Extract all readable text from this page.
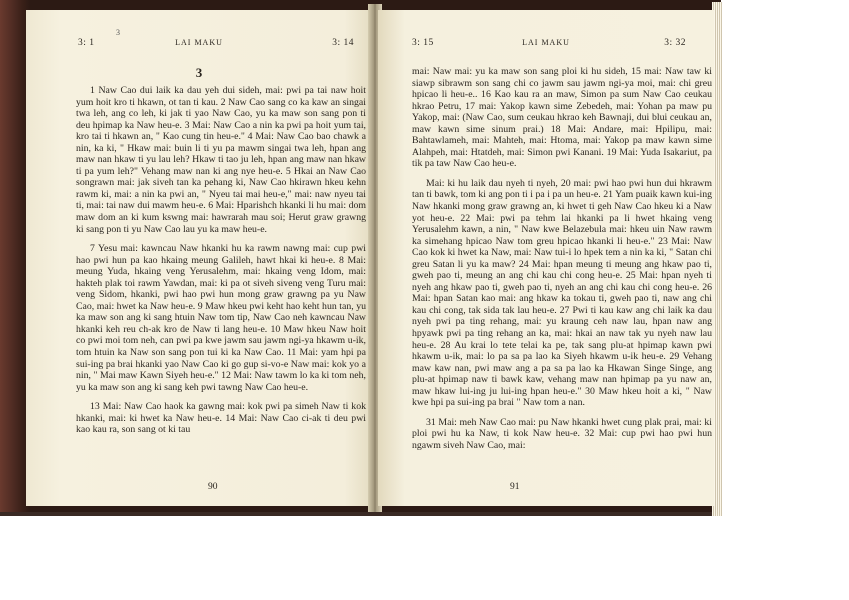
3
3: 1	LAI MAKU	3: 14
3

1 Naw Cao dui laik ka dau yeh dui sideh, mai: pwi pa tai naw hoit yum hoit kro ti hkawn, ot tan ti kau. 2 Naw Cao sang co ka kaw an singai twa leh, ang co leh, ki jak ti yao Naw Cao, yu ka maw son sang pon ti deu hpimap ka Naw heu-e. 3 Mai: Naw Cao a nin ka pwi pa hoit yum tai, kro tai ti hkawn an, " Kao cung tin heu-e." 4 Mai: Naw Cao bao chawk a nin, ka ki, " Hkaw mai: buin li ti yu pa mawm singai twa leh, hpan ang maw nan hkaw ti yu lau leh? Hkaw ti tao ju leh, hpan ang maw nan hkaw ti pa yum leh?" Vehang maw nan ki ang nye heu-e. 5 Hkai an Naw Cao songrawn mai: jak siveh tan ka pehang ki, Naw Cao hkirawn hkeu kehn rawm ki, mai: a nin ka pwi an, " Nyeu tai mai heu-e," mai: naw nyeu tai ti, mai: tai naw dui mawm heu-e. 6 Mai: Hparishch hkanki li hu mai: dom maw dom an ki kum kswng mai: hawrarah mau soi; Herut graw grawng ki sang pon ti yu Naw Cao lau yu ka maw heu-e.

7 Yesu mai: kawncau Naw hkanki hu ka rawm nawng mai: cup pwi hao pwi hun pa kao hkaing meung Galileh, hawt hkai ki heu-e. 8 Mai: meung Yuda, hkaing veng Yerusalehm, mai: hkaing veng Idom, mai: hakteh plak toi rawm Yawdan, mai: ki pa ot siveh siveng veng Turu mai: veng Sidom, hkanki, pwi hao pwi hun mong graw grawng pa yu Naw Cao, mai: hwet ka Naw heu-e. 9 Maw hkeu pwi keht hao keht hun tan, yu ka maw son ang ki sang htuin Naw tom tip, Naw Cao neh kawncau Naw hkanki keh reu ch-ak kro de Naw ti lang heu-e. 10 Maw hkeu Naw hoit co pwi moi tom neh, can pwi pa kwe jawm sau jawm ngi-ya hkawm u-ik, tom htuin ka Naw son sang pon tui ki ka Naw Cao. 11 Mai: yam hpi pa sui-ing pa brai hkanki yao Naw Cao ki go gup si-vo-e Naw mai: kok yo a nin, " Mai maw Kawn Siyeh heu-e." 12 Mai: Naw tawm lo ka ki tom neh, yu ka maw son ang ki sang keh pwi tawng Naw Cao heu-e.

13 Mai: Naw Cao haok ka gawng mai: kok pwi pa simeh Naw ti kok hkanki, mai: ki hwet ka Naw heu-e. 14 Mai: Naw Cao ci-ak ti deu pwi kao kau ra, son sang ot ki tau

90
3: 15	LAI MAKU	3: 32

mai: Naw mai: yu ka maw son sang ploi ki hu sideh, 15 mai: Naw taw ki siawp sibrawm son sang chi co jawm sau jawm ngi-ya moi, mai: chi greu hpicao li heu-e.. 16 Kao kau ra an maw, Simon pa sum Naw Cao ceukau hkrao Petru, 17 mai: Yakop kawn sime Zebedeh, mai: Yohan pa maw pu Yakop, mai: (Naw Cao, sum ceukau hkrao keh Bawnaji, dui blui ceukau an, maw kawn sime sinum prai.) 18 Mai: Andare, mai: Hpilipu, mai: Bahtawlameh, mai: Mahteh, mai: Htoma, mai: Yakop pa maw kawn sime Alahpeh, mai: Htatdeh, mai: Simon pwi Kanani. 19 Mai: Yuda Isakariut, pa tik pa taw Naw Cao heu-e.

Mai: ki hu laik dau nyeh ti nyeh, 20 mai: pwi hao pwi hun dui hkrawm tan ti bawk, tom ki ang pon ti i pa i pa un heu-e. 21 Yam puaik kawn kui-ing Naw hkanki mong graw grawng an, ki hwet ti geh Naw Cao hkeu ki a Naw yot heu-e. 22 Mai: pwi pa tehm lai hkanki pa li hwet hkaing veng Yerusalehm kawn, a nin, " Naw kwe Belazebula mai: hkeu uin Naw rawm ka simehang hpicao Naw tom greu hpicao hkanki li heu-e." 23 Mai: Naw Cao kok ki hwet ka Naw, mai: Naw tui-i lo hpek tem a nin ka ki, " Satan chi greu Satan li yu ka maw? 24 Mai: hpan meung ti meung ang hkaw pao ti, gweh pao ti, meung an ang chi kau chi cong heu-e. 25 Mai: hpan nyeh ti nyeh ang hkaw pao ti, gweh pao ti, nyeh an ang chi kau chi cong heu-e. 26 Mai: hpan Satan kao mai: ang hkaw ka tokau ti, gweh pao ti, naw ang chi kau chi cong, tak sida tak lau heu-e. 27 Pwi ti kau kaw ang chi laik ka dau nyeh pwi pa ting rehang, mai: yu kraung ceh naw lau, hpan naw ang hpyawk pwi pa ting rehang an ka, mai: hkai an naw tak yu nyeh naw lau heu-e. 28 Au krai lo tete telai ka pe, tak sang plu-at hpimap kawn pwi hkawm u-ik, mai: lo pa sa pa lao ka Siyeh hkawm u-ik heu-e. 29 Vehang maw kaw nan, pwi maw ang a pa sa pa lao ka Hkawan Singe Singe, ang plu-at hpimap naw ti bawk kaw, vehang maw nan hpimap pa yu naw an, maw hkaw lui-ing ju lui-ing hpan heu-e." 30 Maw hkeu hoit a ki, " Naw kwe hpi pa sui-ing pa brai " Naw tom a nan.

31 Mai: meh Naw Cao mai: pu Naw hkanki hwet cung plak prai, mai: ki ploi pwi hu ka Naw, ti kok Naw heu-e. 32 Mai: cup pwi hao pwi hun ngawm siveh Naw Cao, mai:

91
